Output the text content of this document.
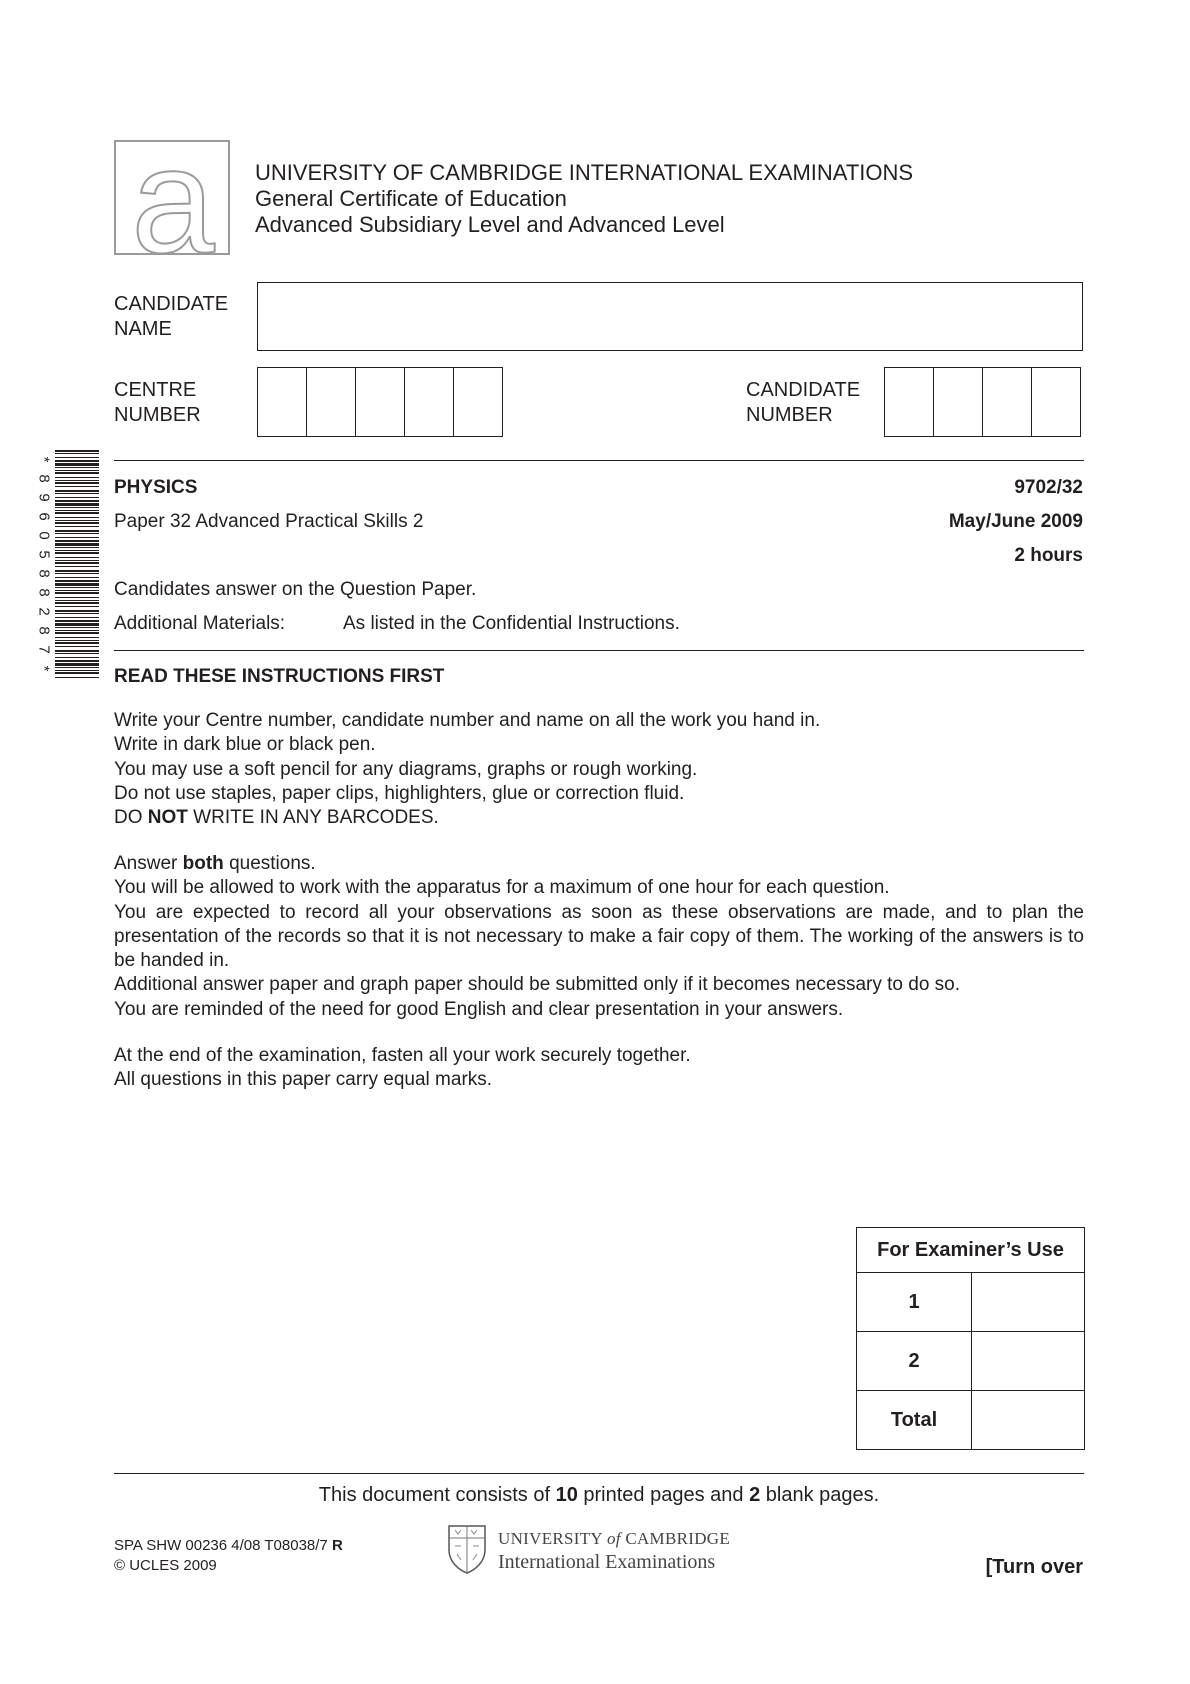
a	UNIVERSITY OF CAMBRIDGE INTERNATIONAL EXAMINATIONS
General Certificate of Education
Advanced Subsidiary Level and Advanced Level
CANDIDATE
NAME
CENTRE
NUMBER
CANDIDATE
NUMBER
*
8
9
6
0
5
8
8
2
8
7
*
PHYSICS	9702/32
Paper 32 Advanced Practical Skills 2	May/June 2009
2 hours
Candidates answer on the Question Paper.
Additional Materials:	As listed in the Confidential Instructions.
READ THESE INSTRUCTIONS FIRST

Write your Centre number, candidate number and name on all the work you hand in.

Write in dark blue or black pen.

You may use a soft pencil for any diagrams, graphs or rough working.

Do not use staples, paper clips, highlighters, glue or correction fluid.

DO NOT WRITE IN ANY BARCODES.

Answer both questions.

You will be allowed to work with the apparatus for a maximum of one hour for each question.

You are expected to record all your observations as soon as these observations are made, and to plan the presentation of the records so that it is not necessary to make a fair copy of them. The working of the answers is to be handed in.

Additional answer paper and graph paper should be submitted only if it becomes necessary to do so.

You are reminded of the need for good English and clear presentation in your answers.

At the end of the examination, fasten all your work securely together.

All questions in this paper carry equal marks.

For Examiner’s Use	
1	
2	
Total	
This document consists of 10 printed pages and 2 blank pages.
SPA SHW 00236 4/08 T08038/7 R
© UCLES 2009
UNIVERSITY of CAMBRIDGE
International Examinations	[Turn over
